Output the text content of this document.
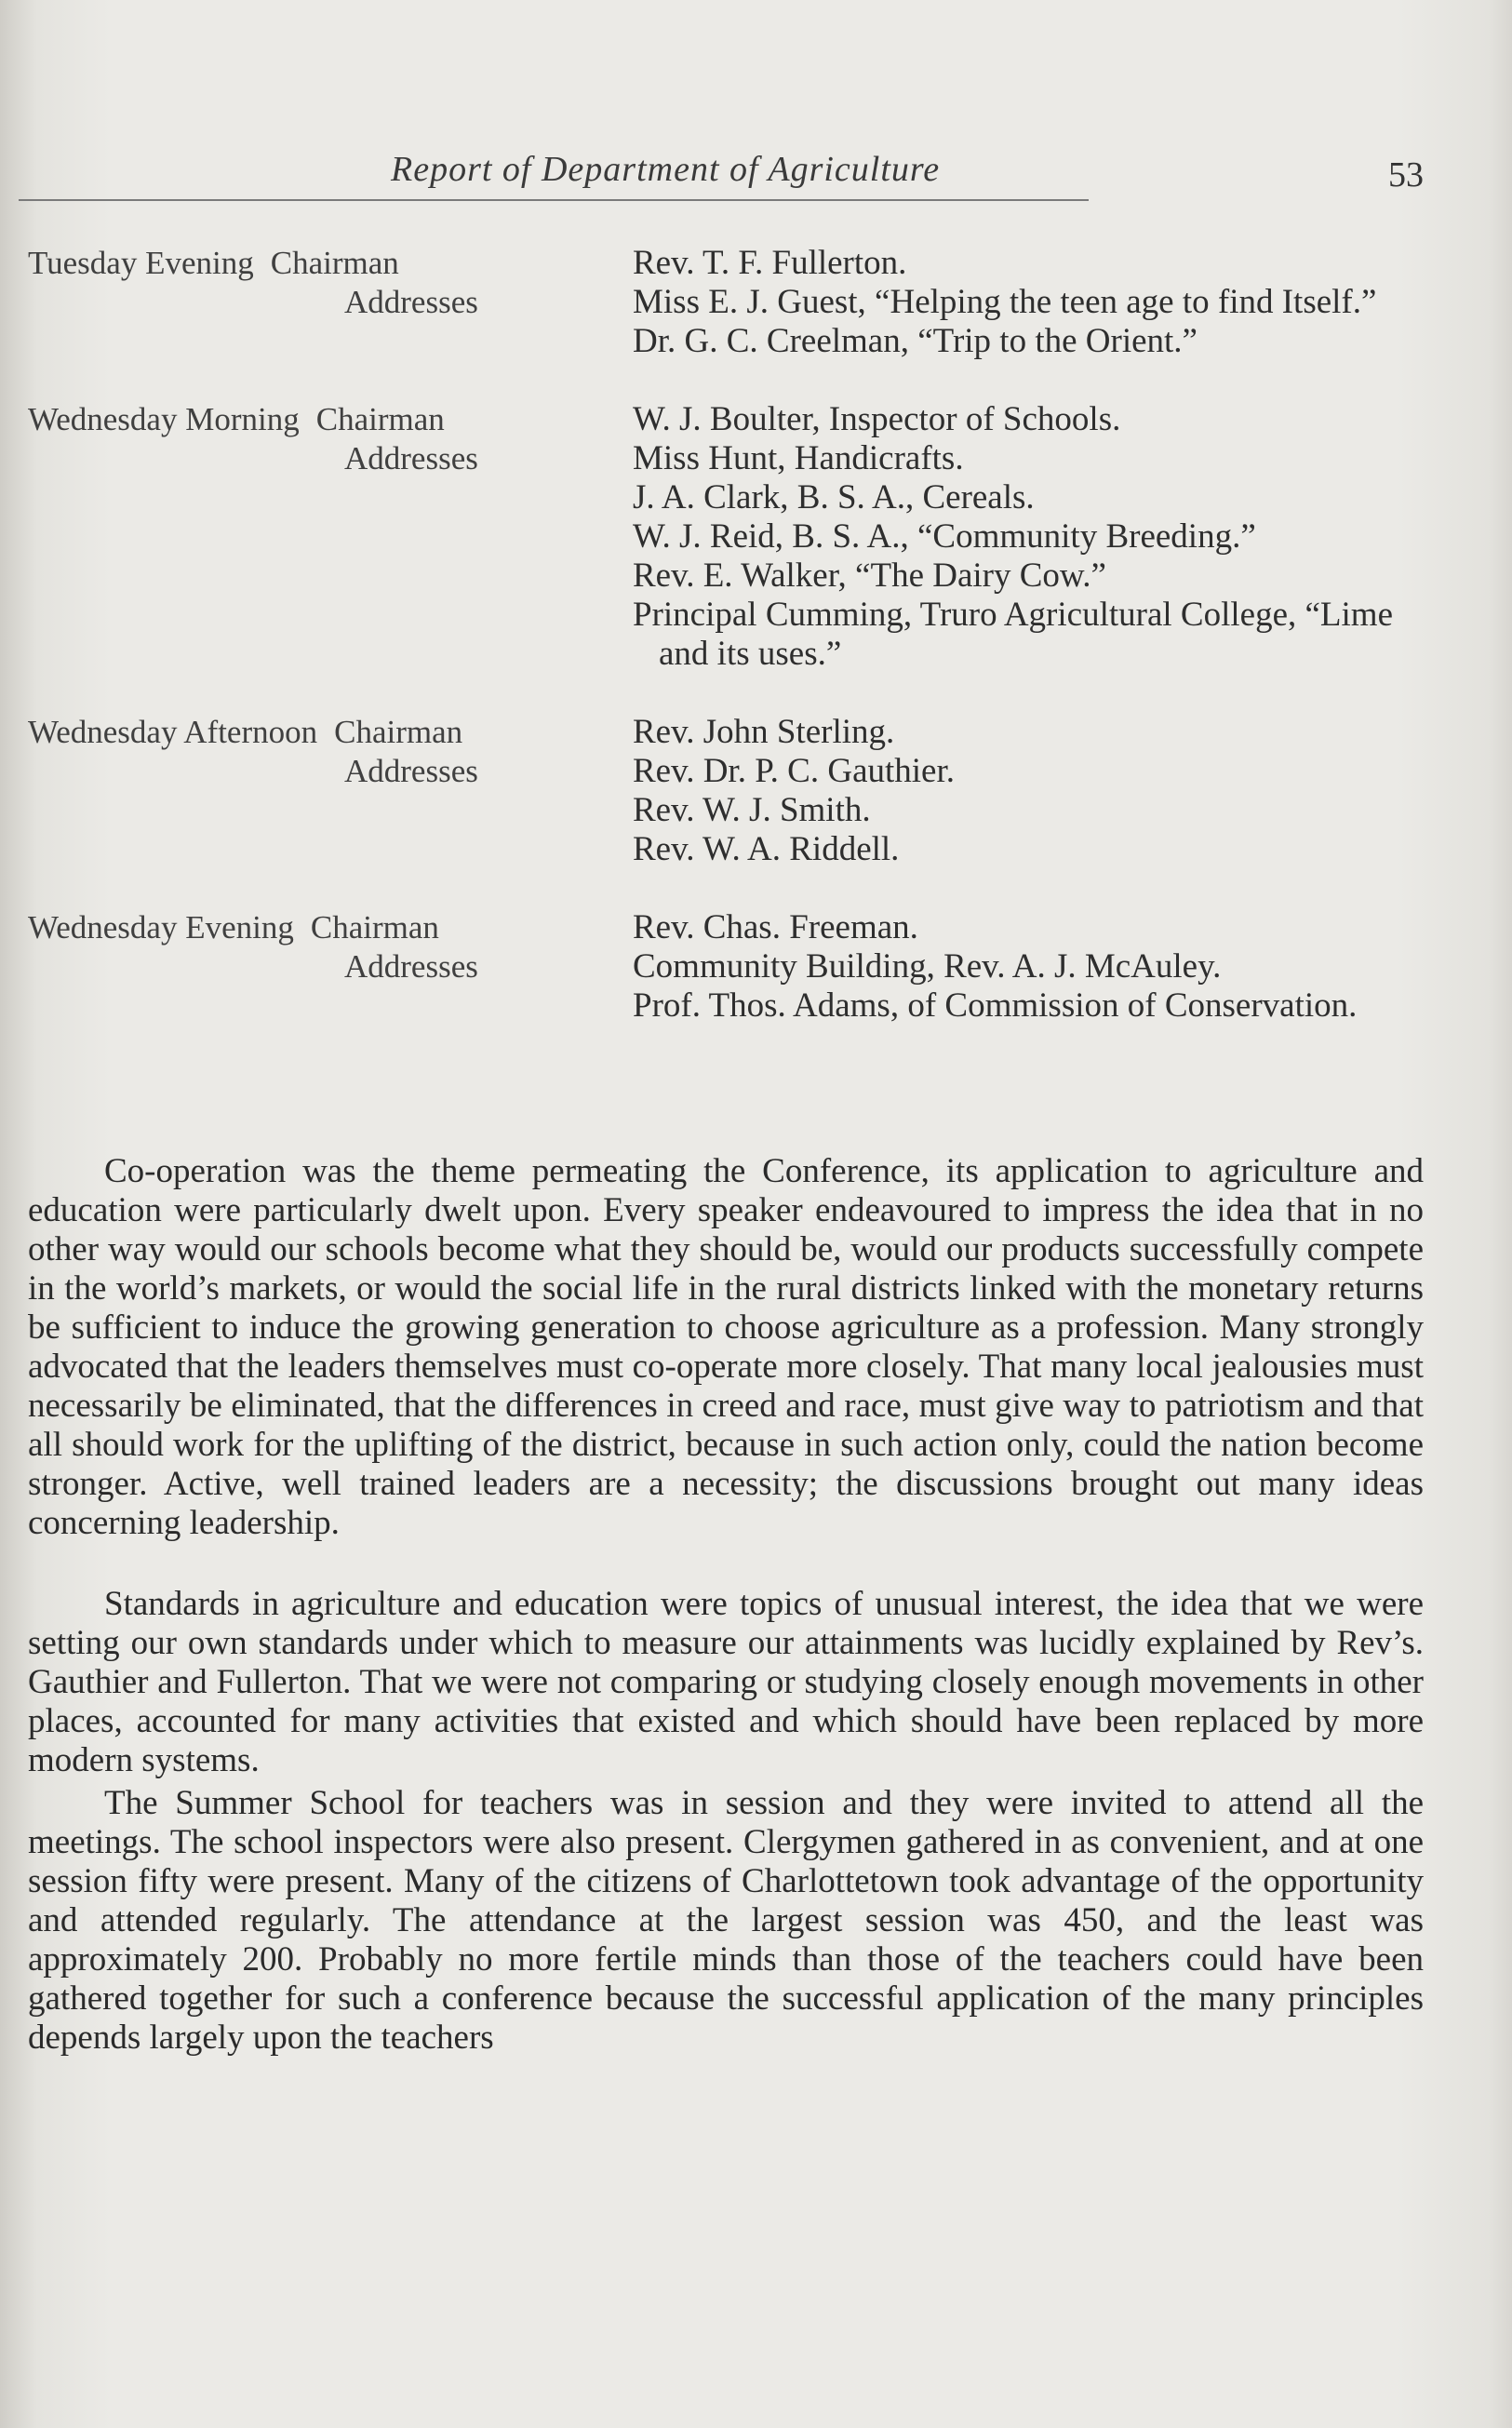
Report of Department of Agriculture	53
Tuesday Evening Chairman
Addresses
Rev. T. F. Fullerton.
Miss E. J. Guest, “Helping the teen age to find Itself.”
Dr. G. C. Creelman, “Trip to the Orient.”
Wednesday Morning Chairman
Addresses
W. J. Boulter, Inspector of Schools.
Miss Hunt, Handicrafts.
J. A. Clark, B. S. A., Cereals.
W. J. Reid, B. S. A., “Community Breeding.”
Rev. E. Walker, “The Dairy Cow.”
Principal Cumming, Truro Agricultural College, “Lime and its uses.”
Wednesday Afternoon Chairman
Addresses
Rev. John Sterling.
Rev. Dr. P. C. Gauthier.
Rev. W. J. Smith.
Rev. W. A. Riddell.
Wednesday Evening Chairman
Addresses
Rev. Chas. Freeman.
Community Building, Rev. A. J. McAuley.
Prof. Thos. Adams, of Commission of Conservation.

Co-operation was the theme permeating the Conference, its application to agriculture and education were particularly dwelt upon. Every speaker endeavoured to impress the idea that in no other way would our schools become what they should be, would our products successfully compete in the world’s markets, or would the social life in the rural districts linked with the monetary returns be sufficient to induce the growing generation to choose agriculture as a profession. Many strongly advocated that the leaders themselves must co-operate more closely. That many local jealousies must necessarily be eliminated, that the differences in creed and race, must give way to patriotism and that all should work for the uplifting of the district, because in such action only, could the nation become stronger. Active, well trained leaders are a necessity; the discussions brought out many ideas concerning leadership.

Standards in agriculture and education were topics of unusual interest, the idea that we were setting our own standards under which to measure our attainments was lucidly explained by Rev’s. Gauthier and Fullerton. That we were not comparing or studying closely enough movements in other places, accounted for many activities that existed and which should have been replaced by more modern systems.

The Summer School for teachers was in session and they were invited to attend all the meetings. The school inspectors were also present. Clergymen gathered in as convenient, and at one session fifty were present. Many of the citizens of Charlottetown took advantage of the opportunity and attended regularly. The attendance at the largest session was 450, and the least was approximately 200. Probably no more fertile minds than those of the teachers could have been gathered together for such a conference because the successful application of the many principles depends largely upon the teachers
